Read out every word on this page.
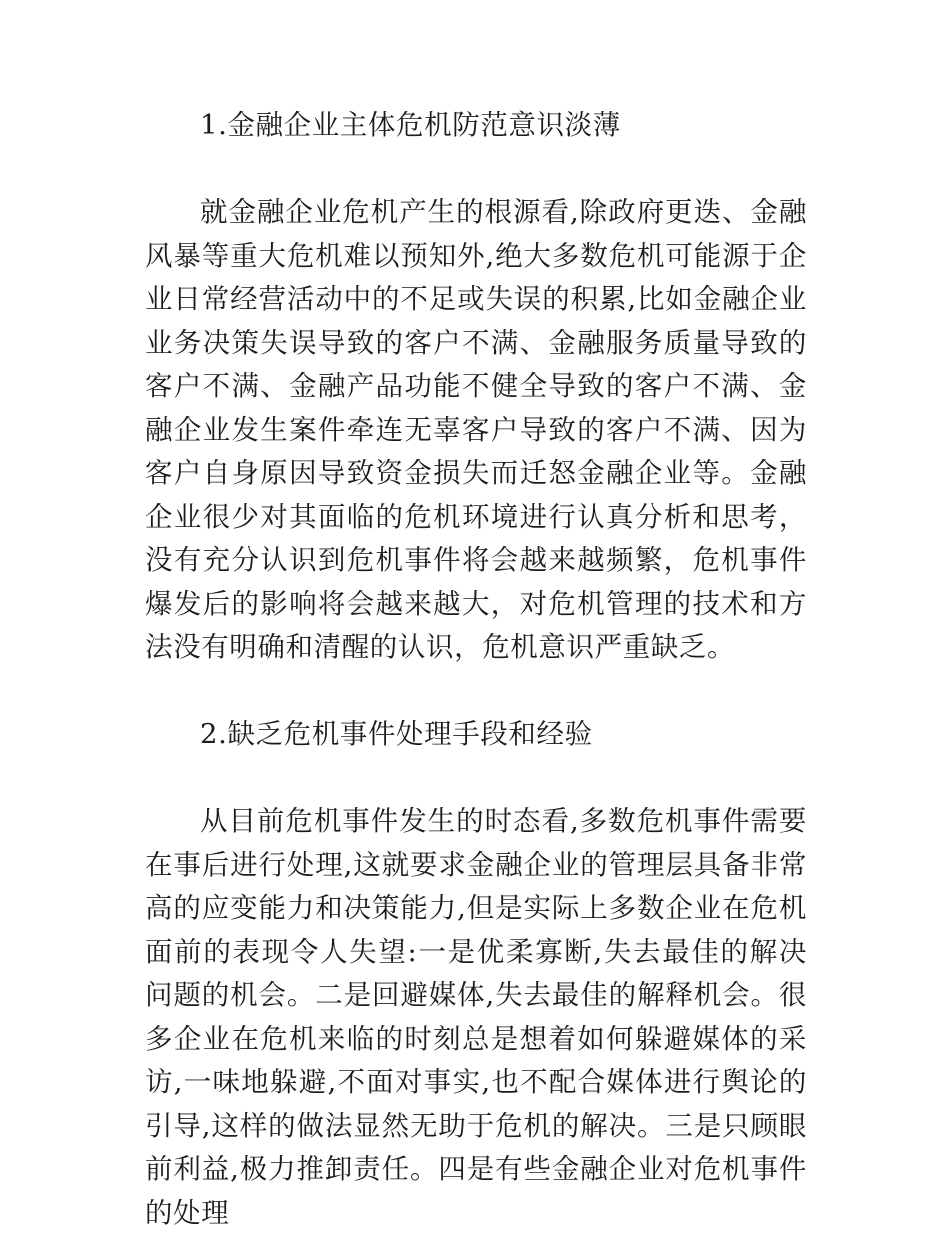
1.金融企业主体危机防范意识淡薄
就金融企业危机产生的根源看,除政府更迭、金融风暴等重大危机难以预知外,绝大多数危机可能源于企业日常经营活动中的不足或失误的积累,比如金融企业业务决策失误导致的客户不满、金融服务质量导致的客户不满、金融产品功能不健全导致的客户不满、金融企业发生案件牵连无辜客户导致的客户不满、因为客户自身原因导致资金损失而迁怒金融企业等。金融企业很少对其面临的危机环境进行认真分析和思考，没有充分认识到危机事件将会越来越频繁，危机事件爆发后的影响将会越来越大，对危机管理的技术和方法没有明确和清醒的认识，危机意识严重缺乏。
2.缺乏危机事件处理手段和经验
从目前危机事件发生的时态看,多数危机事件需要在事后进行处理,这就要求金融企业的管理层具备非常高的应变能力和决策能力,但是实际上多数企业在危机面前的表现令人失望:一是优柔寡断,失去最佳的解决问题的机会。二是回避媒体,失去最佳的解释机会。很多企业在危机来临的时刻总是想着如何躲避媒体的采访,一味地躲避,不面对事实,也不配合媒体进行舆论的引导,这样的做法显然无助于危机的解决。三是只顾眼前利益,极力推卸责任。四是有些金融企业对危机事件的处理
